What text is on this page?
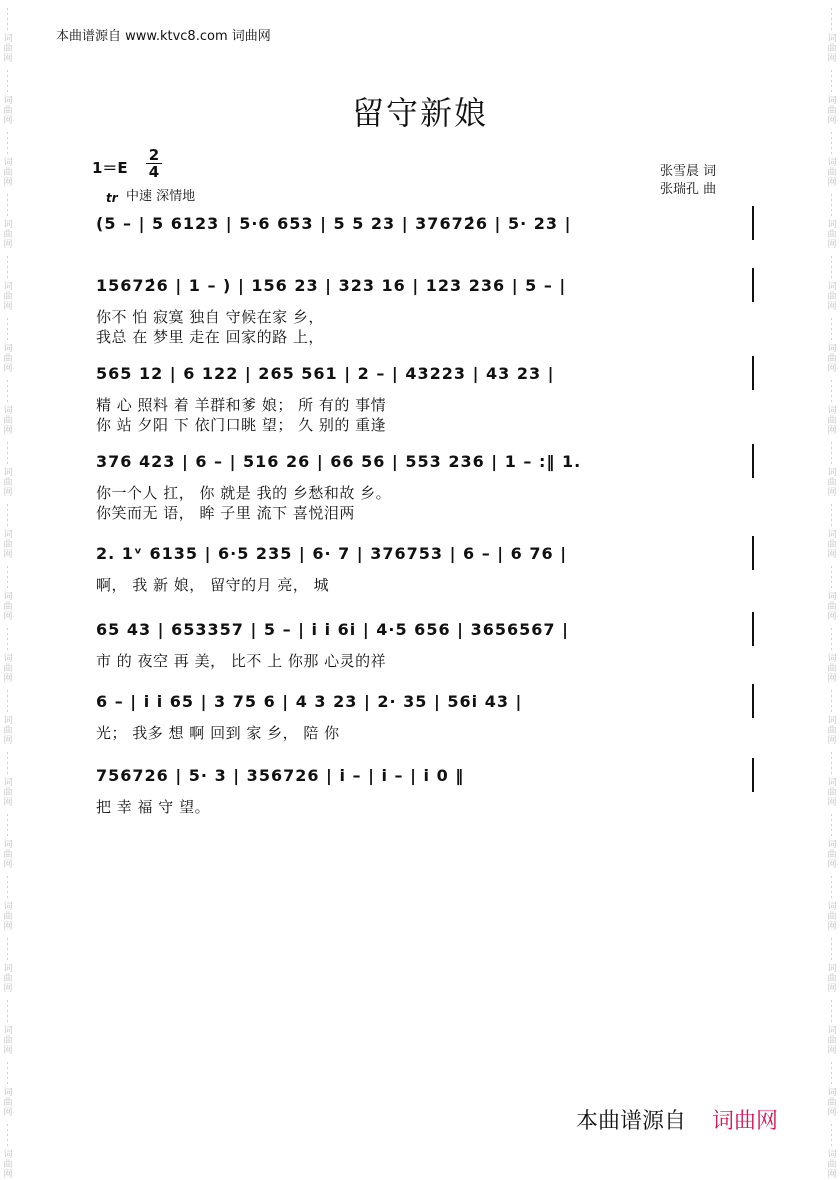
词曲网
词曲网
词曲网
词曲网
词曲网
词曲网
词曲网
词曲网
词曲网
词曲网
词曲网
词曲网
词曲网
词曲网
词曲网
词曲网
词曲网
词曲网
词曲网
词曲网
词曲网
词曲网
词曲网
词曲网
词曲网
词曲网
词曲网
词曲网
词曲网
词曲网
词曲网
词曲网
词曲网
词曲网
词曲网
词曲网
词曲网
词曲网
本曲谱源自 www.ktvc8.com 词曲网
留守新娘
1＝E
2
4
tr 中速 深情地
张雪晨 词
张瑞孔 曲
(5 – | 5 6123 | 5·6 653 | 5 5 23 | 37672̇6 | 5· 23 |
15672̇6 | 1 – ) | 156 23 | 323 16 | 123 236 | 5 – |
你不 怕 寂寞 独自 守候在家 乡，
我总 在 梦里 走在 回家的路 上，
565 12 | 6 122 | 265 561 | 2 – | 43223 | 43 23 |
精 心 照料 着 羊群和爹 娘； 所 有的 事情
你 站 夕阳 下 依门口眺 望； 久 别的 重逢
376 423 | 6 – | 516 26 | 66 56 | 553 236 | 1 – :‖ 1.
你一个人 扛， 你 就是 我的 乡愁和故 乡。
你笑而无 语， 眸 子里 流下 喜悦泪两
2. 1ᵛ 6135 | 6·5 235 | 6· 7 | 376753 | 6 – | 6 76 |
啊， 我 新 娘， 留守的月 亮， 城
65 43 | 653357 | 5 – | i i 6i | 4·5 656 | 3656567 |
市 的 夜空 再 美， 比不 上 你那 心灵的祥
6 – | i i 65 | 3 75 6 | 4 3 23 | 2· 35 | 56i 43 |
光； 我多 想 啊 回到 家 乡， 陪 你
756726 | 5· 3 | 356726 | i – | i – | i 0 ‖
把 幸 福 守 望。
本曲谱源自 词曲网
